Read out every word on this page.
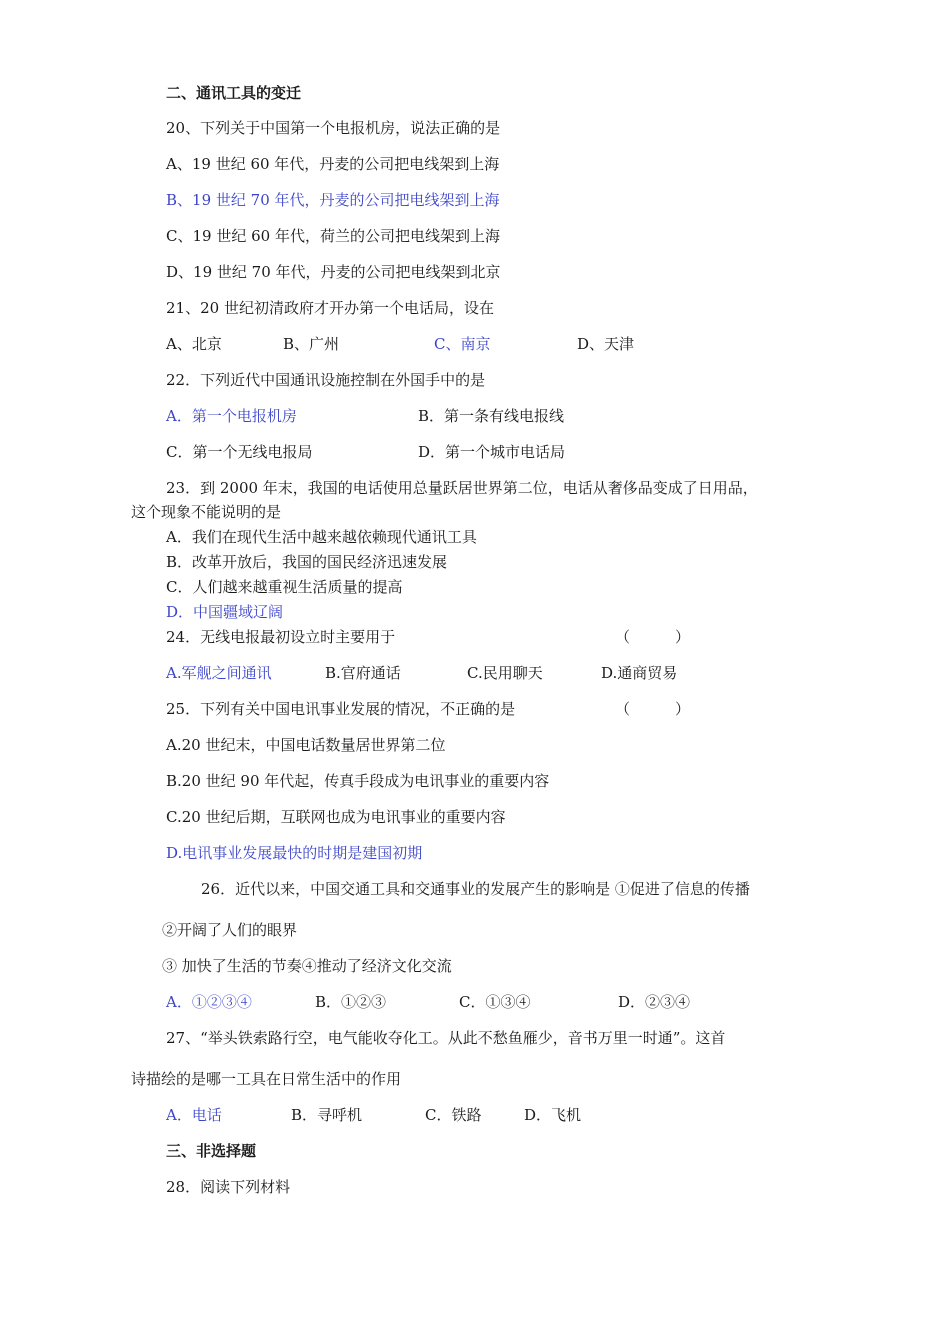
二、通讯工具的变迁
20、下列关于中国第一个电报机房，说法正确的是
A、19 世纪 60 年代，丹麦的公司把电线架到上海
B、19 世纪 70 年代，丹麦的公司把电线架到上海
C、19 世纪 60 年代，荷兰的公司把电线架到上海
D、19 世纪 70 年代，丹麦的公司把电线架到北京
21、20 世纪初清政府才开办第一个电话局，设在
A、北京	B、广州	C、南京	D、天津
22．下列近代中国通讯设施控制在外国手中的是
A．第一个电报机房	B．第一条有线电报线
C．第一个无线电报局	D．第一个城市电话局
23．到 2000 年末，我国的电话使用总量跃居世界第二位，电话从奢侈品变成了日用品，
这个现象不能说明的是
A．我们在现代生活中越来越依赖现代通讯工具
B．改革开放后，我国的国民经济迅速发展
C．人们越来越重视生活质量的提高
D．中国疆域辽阔
24．无线电报最初设立时主要用于	（　　　）
A.军舰之间通讯	B.官府通话	C.民用聊天	D.通商贸易
25．下列有关中国电讯事业发展的情况，不正确的是	（　　　）
A.20 世纪末，中国电话数量居世界第二位
B.20 世纪 90 年代起，传真手段成为电讯事业的重要内容
C.20 世纪后期，互联网也成为电讯事业的重要内容
D.电讯事业发展最快的时期是建国初期
26．近代以来，中国交通工具和交通事业的发展产生的影响是 ①促进了信息的传播
②开阔了人们的眼界
③ 加快了生活的节奏④推动了经济文化交流
A．①②③④	B．①②③	C．①③④	D．②③④
27、“举头铁索路行空，电气能收夺化工。从此不愁鱼雁少，音书万里一时通”。这首
诗描绘的是哪一工具在日常生活中的作用
A．电话	B．寻呼机	C．铁路	D．飞机
三、非选择题
28．阅读下列材料
